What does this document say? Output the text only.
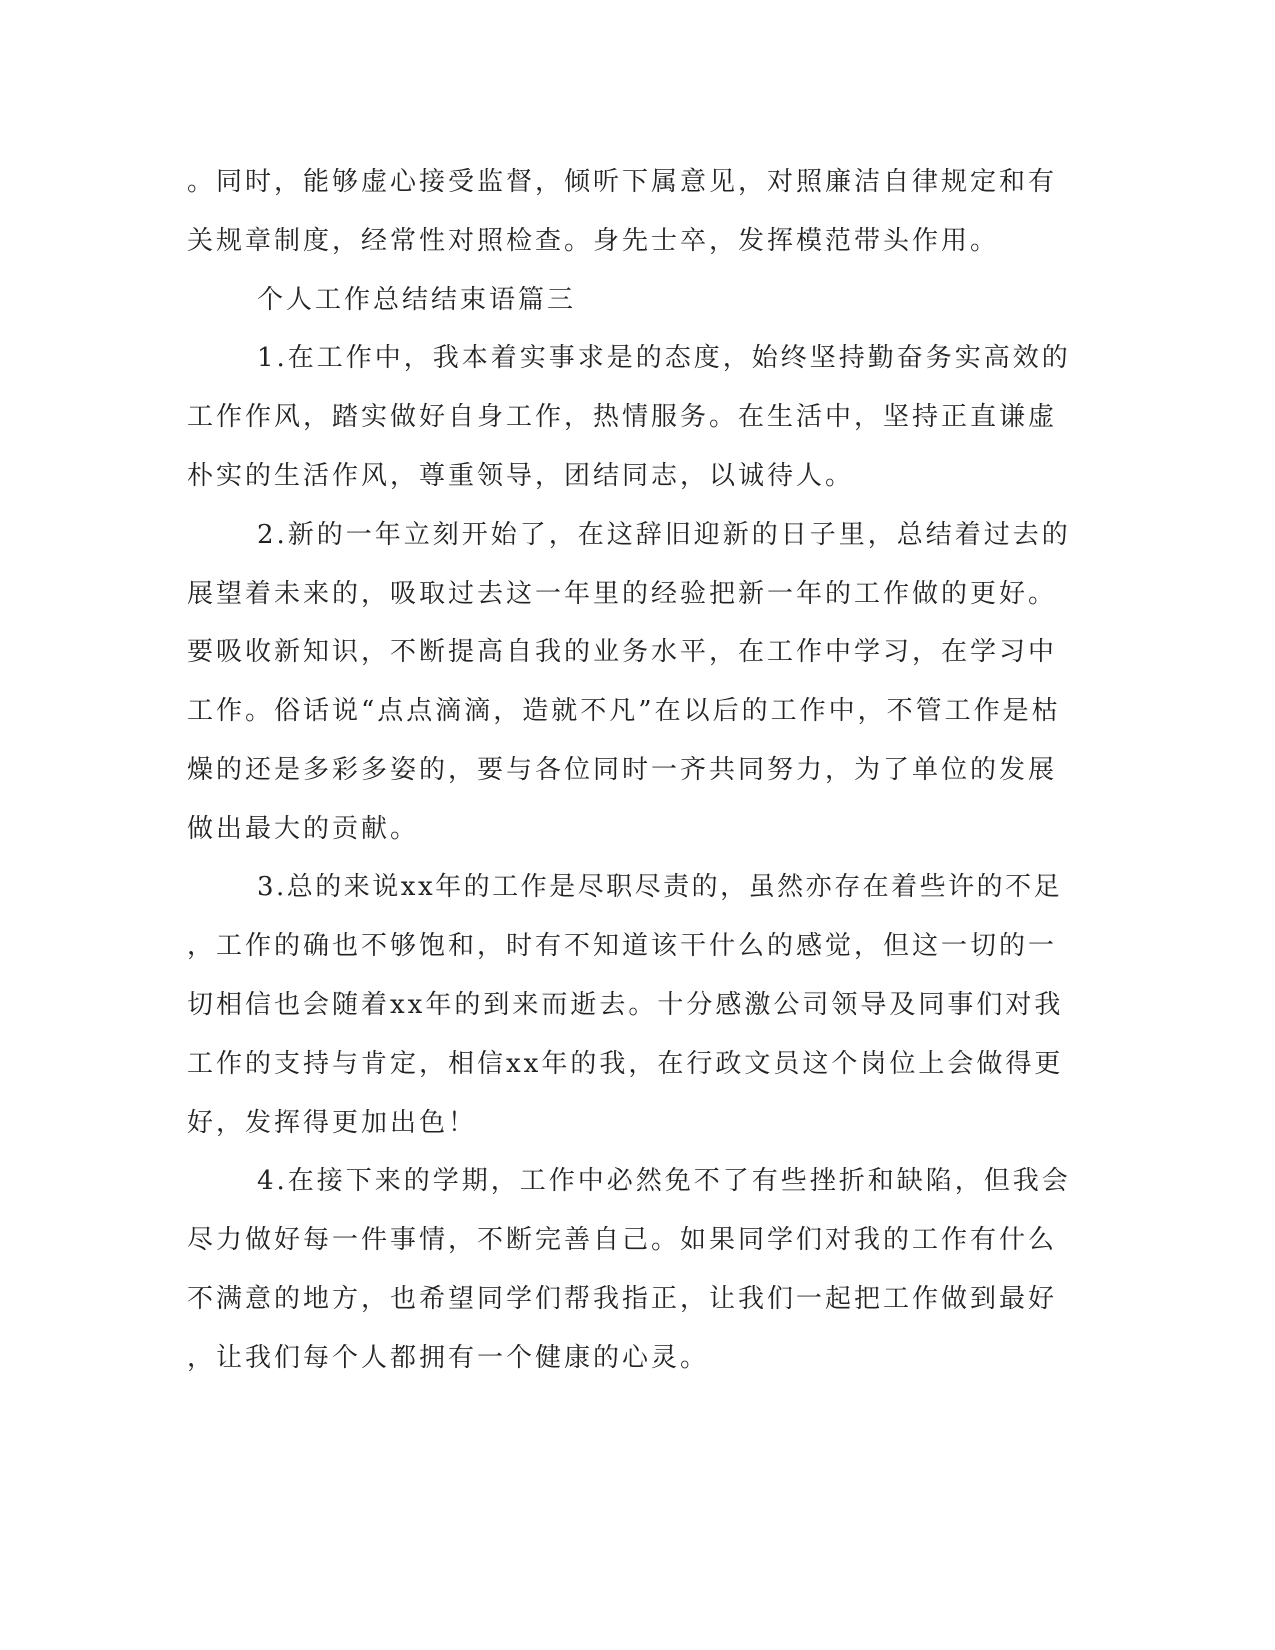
。同时，能够虚心接受监督，倾听下属意见，对照廉洁自律规定和有
关规章制度，经常性对照检查。身先士卒，发挥模范带头作用。
个人工作总结结束语篇三
1.在工作中，我本着实事求是的态度，始终坚持勤奋务实高效的
工作作风，踏实做好自身工作，热情服务。在生活中，坚持正直谦虚
朴实的生活作风，尊重领导，团结同志，以诚待人。
2.新的一年立刻开始了，在这辞旧迎新的日子里，总结着过去的
展望着未来的，吸取过去这一年里的经验把新一年的工作做的更好。
要吸收新知识，不断提高自我的业务水平，在工作中学习，在学习中
工作。俗话说“点点滴滴，造就不凡”在以后的工作中，不管工作是枯
燥的还是多彩多姿的，要与各位同时一齐共同努力，为了单位的发展
做出最大的贡献。
3.总的来说xx年的工作是尽职尽责的，虽然亦存在着些许的不足
，工作的确也不够饱和，时有不知道该干什么的感觉，但这一切的一
切相信也会随着xx年的到来而逝去。十分感激公司领导及同事们对我
工作的支持与肯定，相信xx年的我，在行政文员这个岗位上会做得更
好，发挥得更加出色！
4.在接下来的学期，工作中必然免不了有些挫折和缺陷，但我会
尽力做好每一件事情，不断完善自己。如果同学们对我的工作有什么
不满意的地方，也希望同学们帮我指正，让我们一起把工作做到最好
，让我们每个人都拥有一个健康的心灵。
